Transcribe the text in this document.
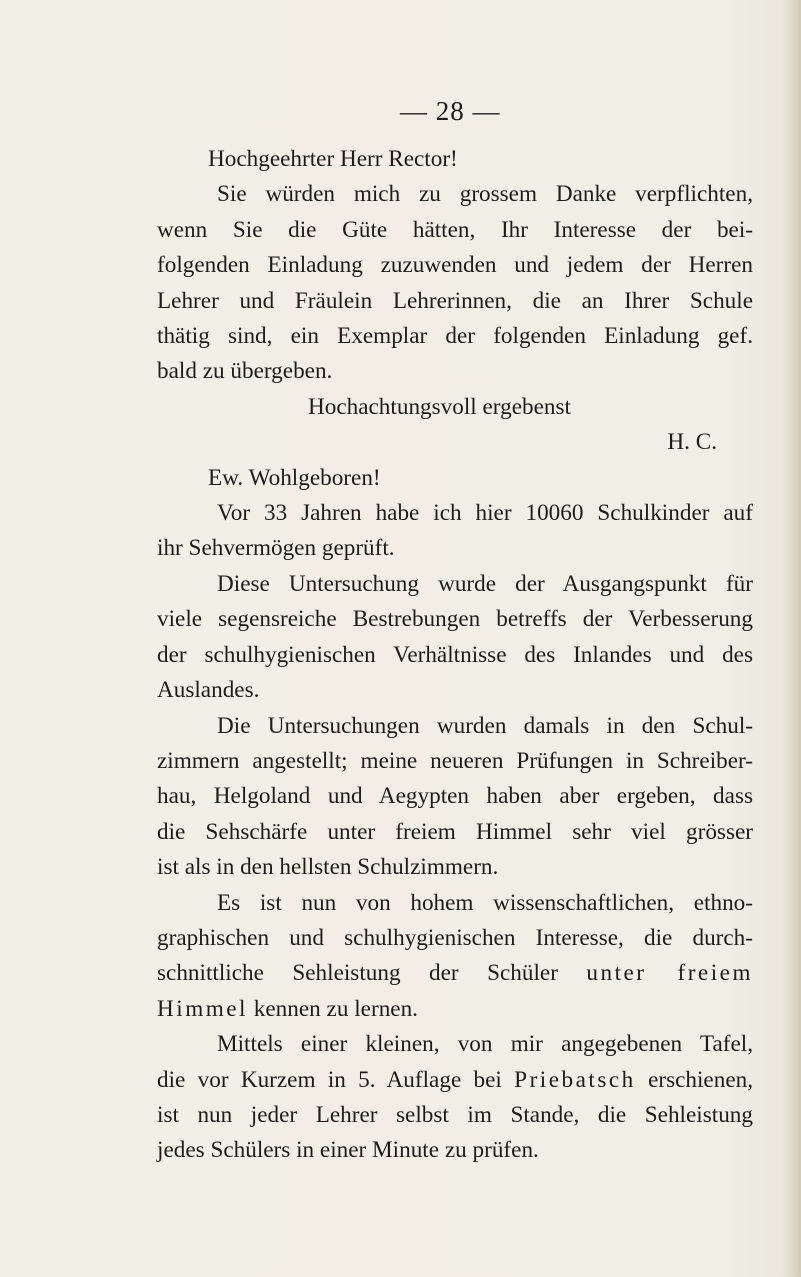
— 28 —
Hochgeehrter Herr Rector!
Sie würden mich zu grossem Danke verpflichten,
wenn Sie die Güte hätten, Ihr Interesse der bei-
folgenden Einladung zuzuwenden und jedem der Herren
Lehrer und Fräulein Lehrerinnen, die an Ihrer Schule
thätig sind, ein Exemplar der folgenden Einladung gef.
bald zu übergeben.
Hochachtungsvoll ergebenst
H. C.
Ew. Wohlgeboren!
Vor 33 Jahren habe ich hier 10060 Schulkinder auf
ihr Sehvermögen geprüft.
Diese Untersuchung wurde der Ausgangspunkt für
viele segensreiche Bestrebungen betreffs der Verbesserung
der schulhygienischen Verhältnisse des Inlandes und des
Auslandes.
Die Untersuchungen wurden damals in den Schul-
zimmern angestellt; meine neueren Prüfungen in Schreiber-
hau, Helgoland und Aegypten haben aber ergeben, dass
die Sehschärfe unter freiem Himmel sehr viel grösser
ist als in den hellsten Schulzimmern.
Es ist nun von hohem wissenschaftlichen, ethno-
graphischen und schulhygienischen Interesse, die durch-
schnittliche Sehleistung der Schüler unter freiem
Himmel kennen zu lernen.
Mittels einer kleinen, von mir angegebenen Tafel,
die vor Kurzem in 5. Auflage bei Priebatsch erschienen,
ist nun jeder Lehrer selbst im Stande, die Sehleistung
jedes Schülers in einer Minute zu prüfen.
